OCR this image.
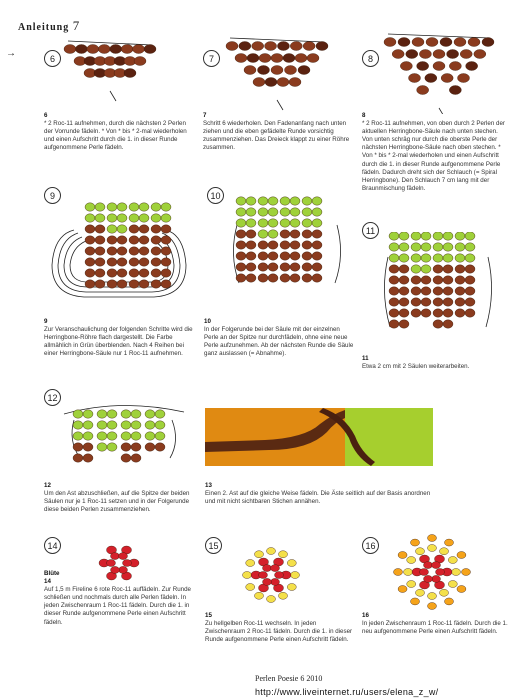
Anleitung 7
→	6
6
* 2 Roc-11 aufnehmen, durch die nächsten 2 Perlen der Vorrunde fädeln. * Von * bis * 2-mal wiederholen und einen Aufschritt durch die 1. in dieser Runde aufgenommene Perle fädeln.
7
7
Schritt 6 wiederholen. Den Fadenanfang nach unten ziehen und die eben gefädelte Runde vorsichtig zusammenziehen. Das Dreieck klappt zu einer Röhre zusammen.
8
8
* 2 Roc-11 aufnehmen, von oben durch 2 Perlen der aktuellen Herringbone-Säule nach unten stechen. Von unten schräg nur durch die oberste Perle der nächsten Herringbone-Säule nach oben stechen. * Von * bis * 2-mal wiederholen und einen Aufschritt durch die 1. in dieser Runde aufgenommene Perle fädeln. Dadurch dreht sich der Schlauch (= Spiral Herringbone). Den Schlauch 7 cm lang mit der Braunmischung fädeln.
9
9
Zur Veranschaulichung der folgenden Schritte wird die Herringbone-Röhre flach dargestellt. Die Farbe allmählich in Grün überblenden. Nach 4 Reihen bei einer Herringbone-Säule nur 1 Roc-11 aufnehmen.
10
10
In der Folgerunde bei der Säule mit der einzelnen Perle an der Spitze nur durchfädeln, ohne eine neue Perle aufzunehmen. Ab der nächsten Runde die Säule ganz auslassen (= Abnahme).
11
11
Etwa 2 cm mit 2 Säulen weiterarbeiten.
12
12
Um den Ast abzuschließen, auf die Spitze der beiden Säulen nur je 1 Roc-11 setzen und in der Folgerunde diese beiden Perlen zusammenziehen.
13
Einen 2. Ast auf die gleiche Weise fädeln. Die Äste seitlich auf der Basis anordnen und mit nicht sichtbaren Stichen annähen.
14
Blüte
14
Auf 1,5 m Fireline 6 rote Roc-11 auffädeln. Zur Runde schließen und nochmals durch alle Perlen fädeln. In jeden Zwischenraum 1 Roc-11 fädeln. Durch die 1. in dieser Runde aufgenommene Perle einen Aufschritt fädeln.
15
15
Zu hellgelben Roc-11 wechseln. In jeden Zwischenraum 2 Roc-11 fädeln. Durch die 1. in dieser Runde aufgenommene Perle einen Aufschritt fädeln.
16
16
In jeden Zwischenraum 1 Roc-11 fädeln. Durch die 1. neu aufgenommene Perle einen Aufschritt fädeln.
Perlen Poesie 6 2010
http://www.liveinternet.ru/users/elena_z_w/
